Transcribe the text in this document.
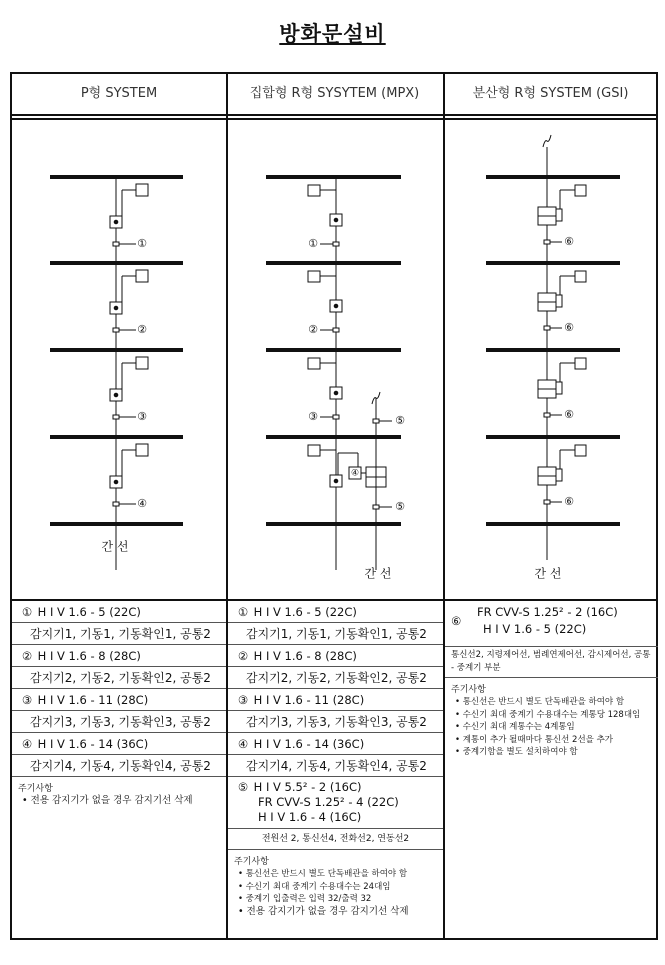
방화문설비
①
②
③
④
간 선
①
②
③
④
⑤
⑤
간 선
⑥
⑥
⑥
⑥
간 선
P형 SYSTEM	집합형 R형 SYSYTEM (MPX)	분산형 R형 SYSTEM (GSI)
① H I V 1.6 - 5 (22C)
감지기1, 기동1, 기동확인1, 공통2
② H I V 1.6 - 8 (28C)
감지기2, 기동2, 기동확인2, 공통2
③ H I V 1.6 - 11 (28C)
감지기3, 기동3, 기동확인3, 공통2
④ H I V 1.6 - 14 (36C)
감지기4, 기동4, 기동확인4, 공통2
주기사항
• 전용 감지기가 없을 경우 감지기선 삭제
① H I V 1.6 - 5 (22C)
감지기1, 기동1, 기동확인1, 공통2
② H I V 1.6 - 8 (28C)
감지기2, 기동2, 기동확인2, 공통2
③ H I V 1.6 - 11 (28C)
감지기3, 기동3, 기동확인3, 공통2
④ H I V 1.6 - 14 (36C)
감지기4, 기동4, 기동확인4, 공통2
⑤ H I V 5.5² - 2 (16C)
FR CVV-S 1.25² - 4 (22C)
H I V 1.6 - 4 (16C)
전원선 2, 통신선4, 전화선2, 연동선2
주기사항
• 통신선은 반드시 별도 단독배관을 하여야 함
• 수신기 최대 중계기 수용대수는 24대임
• 중계기 입출력은 입력 32/출력 32
• 전용 감지기가 없을 경우 감지기선 삭제
⑥
FR CVV-S 1.25² - 2 (16C)
H I V 1.6 - 5 (22C)
통신선2, 지령제어선, 범례연제어선, 감시제어선, 공통 - 중계기 부분
주기사항
• 통신선은 반드시 별도 단독배관을 하여야 함
• 수신기 최대 중계기 수용대수는 계통당 128대임
• 수신기 최대 계통수는 4계통임
• 계통이 추가 될때마다 통신선 2선을 추가
• 중계기함을 별도 설치하여야 함
